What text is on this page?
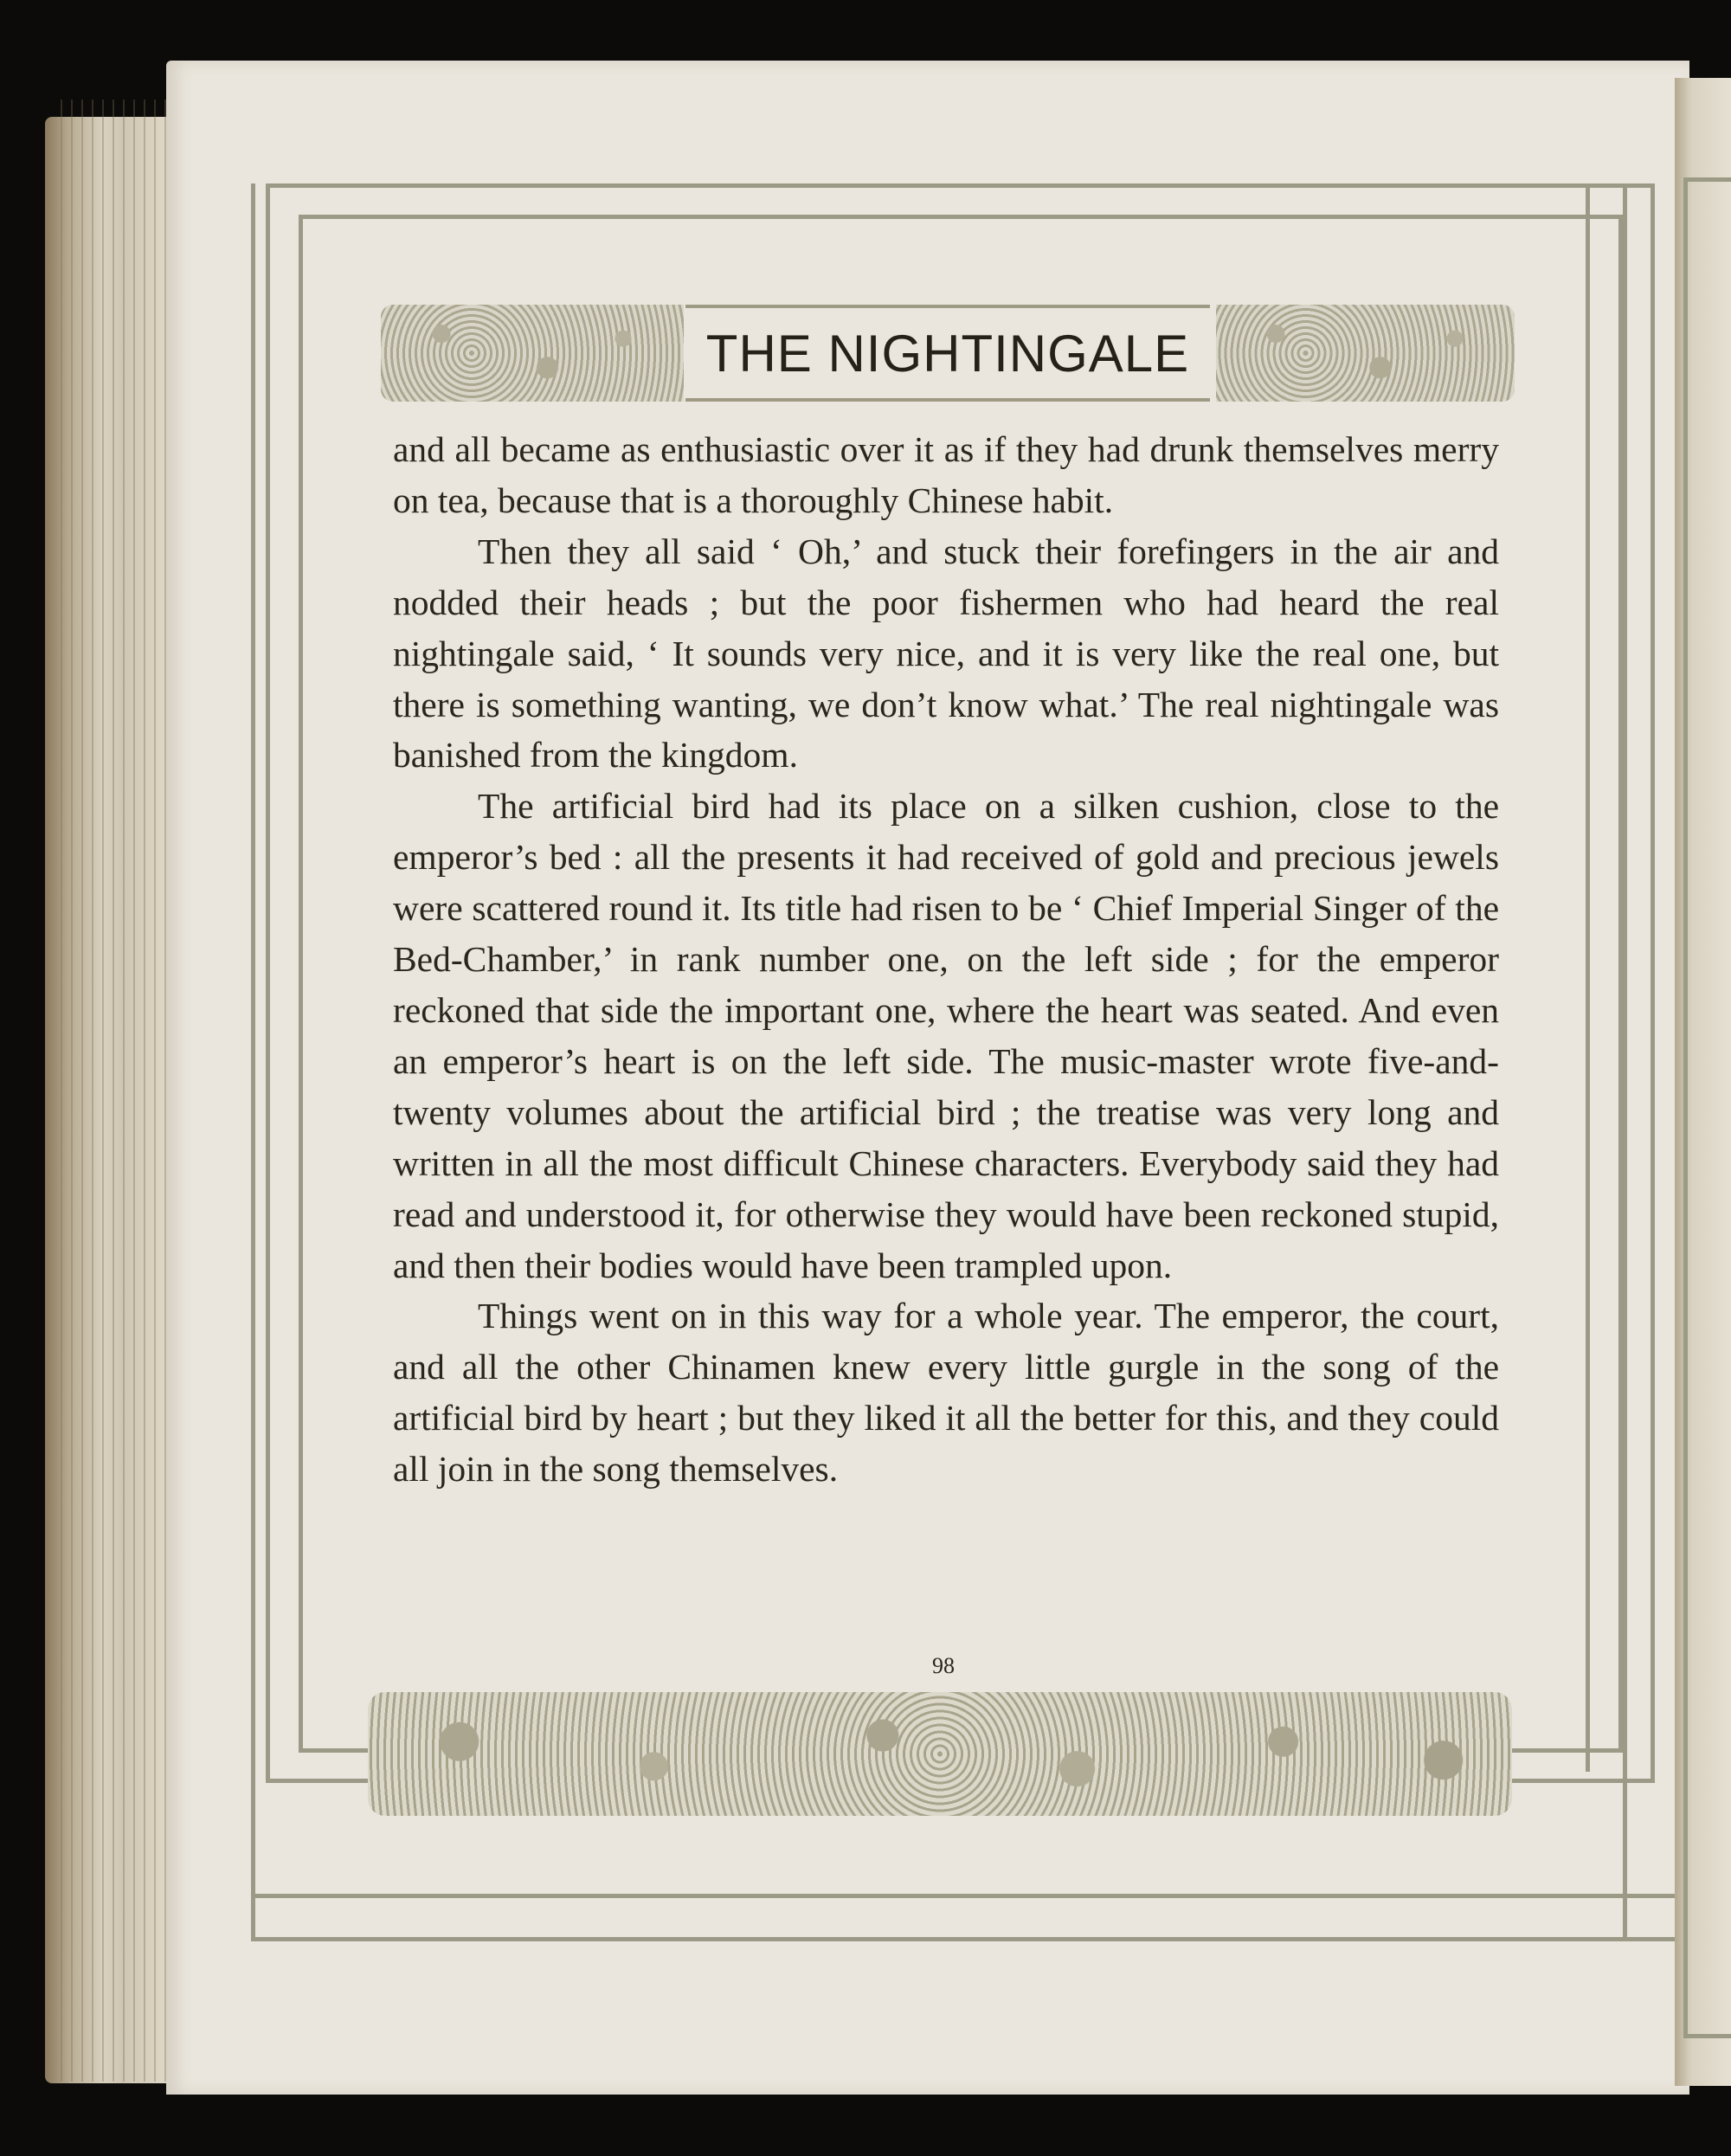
THE NIGHTINGALE

and all became as enthusiastic over it as if they had drunk themselves merry on tea, because that is a thoroughly Chinese habit.

Then they all said ‘ Oh,’ and stuck their forefingers in the air and nodded their heads ; but the poor fishermen who had heard the real nightingale said, ‘ It sounds very nice, and it is very like the real one, but there is something wanting, we don’t know what.’ The real nightingale was banished from the kingdom.

The artificial bird had its place on a silken cushion, close to the emperor’s bed : all the presents it had received of gold and precious jewels were scattered round it. Its title had risen to be ‘ Chief Imperial Singer of the Bed-Chamber,’ in rank number one, on the left side ; for the emperor reckoned that side the important one, where the heart was seated. And even an emperor’s heart is on the left side. The music-master wrote five-and-twenty volumes about the artificial bird ; the treatise was very long and written in all the most difficult Chinese characters. Everybody said they had read and understood it, for otherwise they would have been reckoned stupid, and then their bodies would have been trampled upon.

Things went on in this way for a whole year. The emperor, the court, and all the other Chinamen knew every little gurgle in the song of the artificial bird by heart ; but they liked it all the better for this, and they could all join in the song themselves.

98
